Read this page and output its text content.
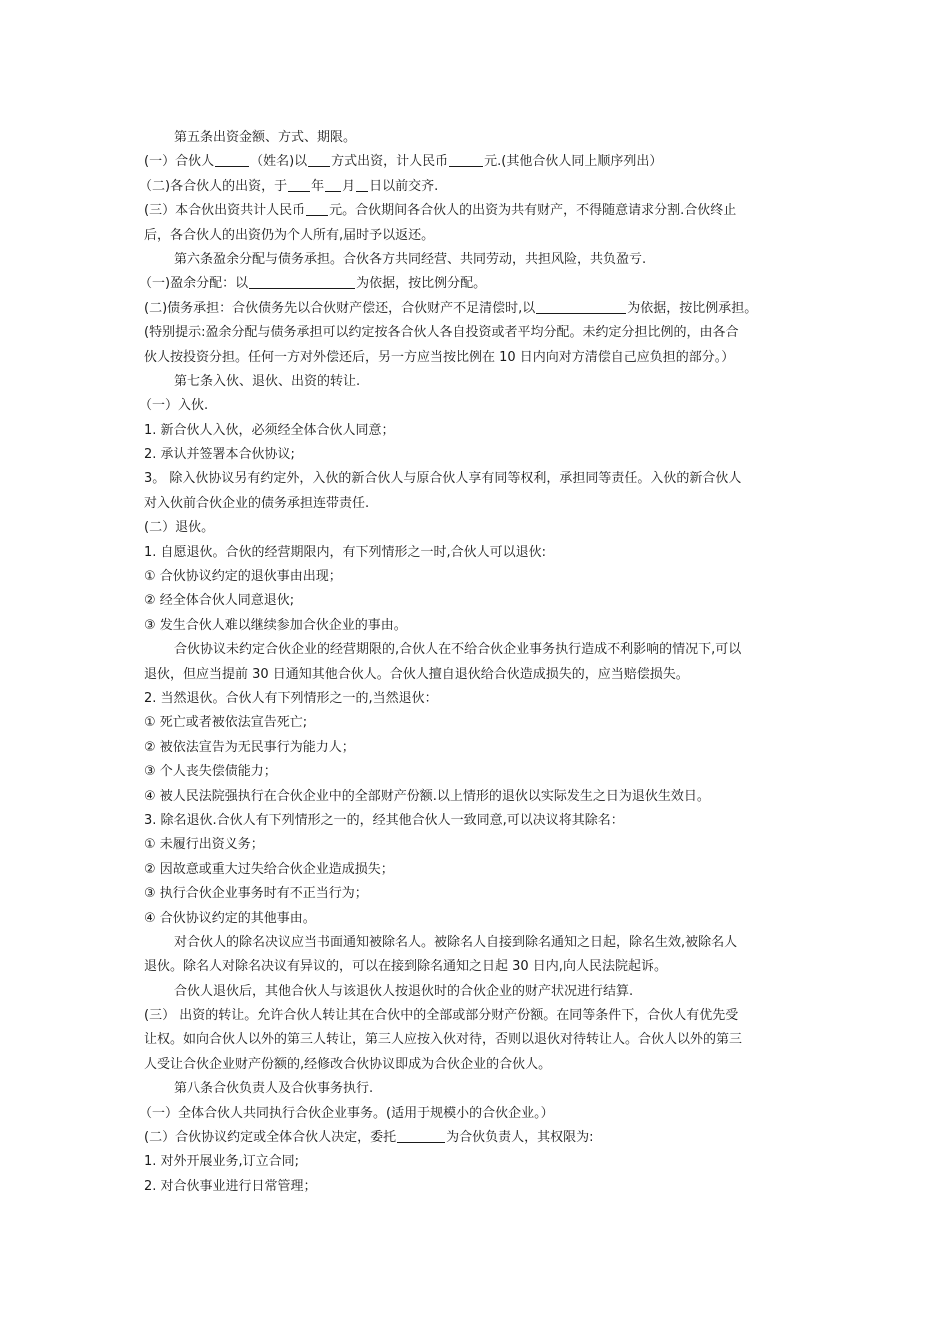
第五条出资金额、方式、期限。
(一）合伙人	（姓名)以 方式出资，计人民币	元.(其他合伙人同上顺序列出）
（二)各合伙人的出资，于 年 月 日以前交齐.
(三）本合伙出资共计人民币 元。合伙期间各合伙人的出资为共有财产，不得随意请求分割.合伙终止
后，各合伙人的出资仍为个人所有,届时予以返还。
第六条盈余分配与债务承担。合伙各方共同经营、共同劳动，共担风险，共负盈亏.
（一)盈余分配：以	为依据，按比例分配。
(二)债务承担：合伙债务先以合伙财产偿还，合伙财产不足清偿时,以	为依据，按比例承担。
(特别提示:盈余分配与债务承担可以约定按各合伙人各自投资或者平均分配。未约定分担比例的，由各合
伙人按投资分担。任何一方对外偿还后，另一方应当按比例在 10 日内向对方清偿自己应负担的部分。）
第七条入伙、退伙、出资的转让.
（一）入伙.
1. 新合伙人入伙，必须经全体合伙人同意；
2. 承认并签署本合伙协议;
3。 除入伙协议另有约定外，入伙的新合伙人与原合伙人享有同等权利，承担同等责任。入伙的新合伙人
对入伙前合伙企业的债务承担连带责任.
(二）退伙。
1. 自愿退伙。合伙的经营期限内，有下列情形之一时,合伙人可以退伙:
① 合伙协议约定的退伙事由出现；
② 经全体合伙人同意退伙;
③ 发生合伙人难以继续参加合伙企业的事由。
合伙协议未约定合伙企业的经营期限的,合伙人在不给合伙企业事务执行造成不利影响的情况下,可以
退伙，但应当提前 30 日通知其他合伙人。合伙人擅自退伙给合伙造成损失的，应当赔偿损失。
2. 当然退伙。合伙人有下列情形之一的,当然退伙：
① 死亡或者被依法宣告死亡;
② 被依法宣告为无民事行为能力人；
③ 个人丧失偿债能力；
④ 被人民法院强执行在合伙企业中的全部财产份额.以上情形的退伙以实际发生之日为退伙生效日。
3. 除名退伙.合伙人有下列情形之一的，经其他合伙人一致同意,可以决议将其除名：
① 未履行出资义务；
② 因故意或重大过失给合伙企业造成损失；
③ 执行合伙企业事务时有不正当行为；
④ 合伙协议约定的其他事由。
对合伙人的除名决议应当书面通知被除名人。被除名人自接到除名通知之日起，除名生效,被除名人
退伙。除名人对除名决议有异议的，可以在接到除名通知之日起 30 日内,向人民法院起诉。
合伙人退伙后，其他合伙人与该退伙人按退伙时的合伙企业的财产状况进行结算.
(三） 出资的转让。允许合伙人转让其在合伙中的全部或部分财产份额。在同等条件下，合伙人有优先受
让权。如向合伙人以外的第三人转让，第三人应按入伙对待，否则以退伙对待转让人。合伙人以外的第三
人受让合伙企业财产份额的,经修改合伙协议即成为合伙企业的合伙人。
第八条合伙负责人及合伙事务执行.
（一）全体合伙人共同执行合伙企业事务。(适用于规模小的合伙企业。）
(二）合伙协议约定或全体合伙人决定，委托	为合伙负责人，其权限为:
1. 对外开展业务,订立合同;
2. 对合伙事业进行日常管理；
